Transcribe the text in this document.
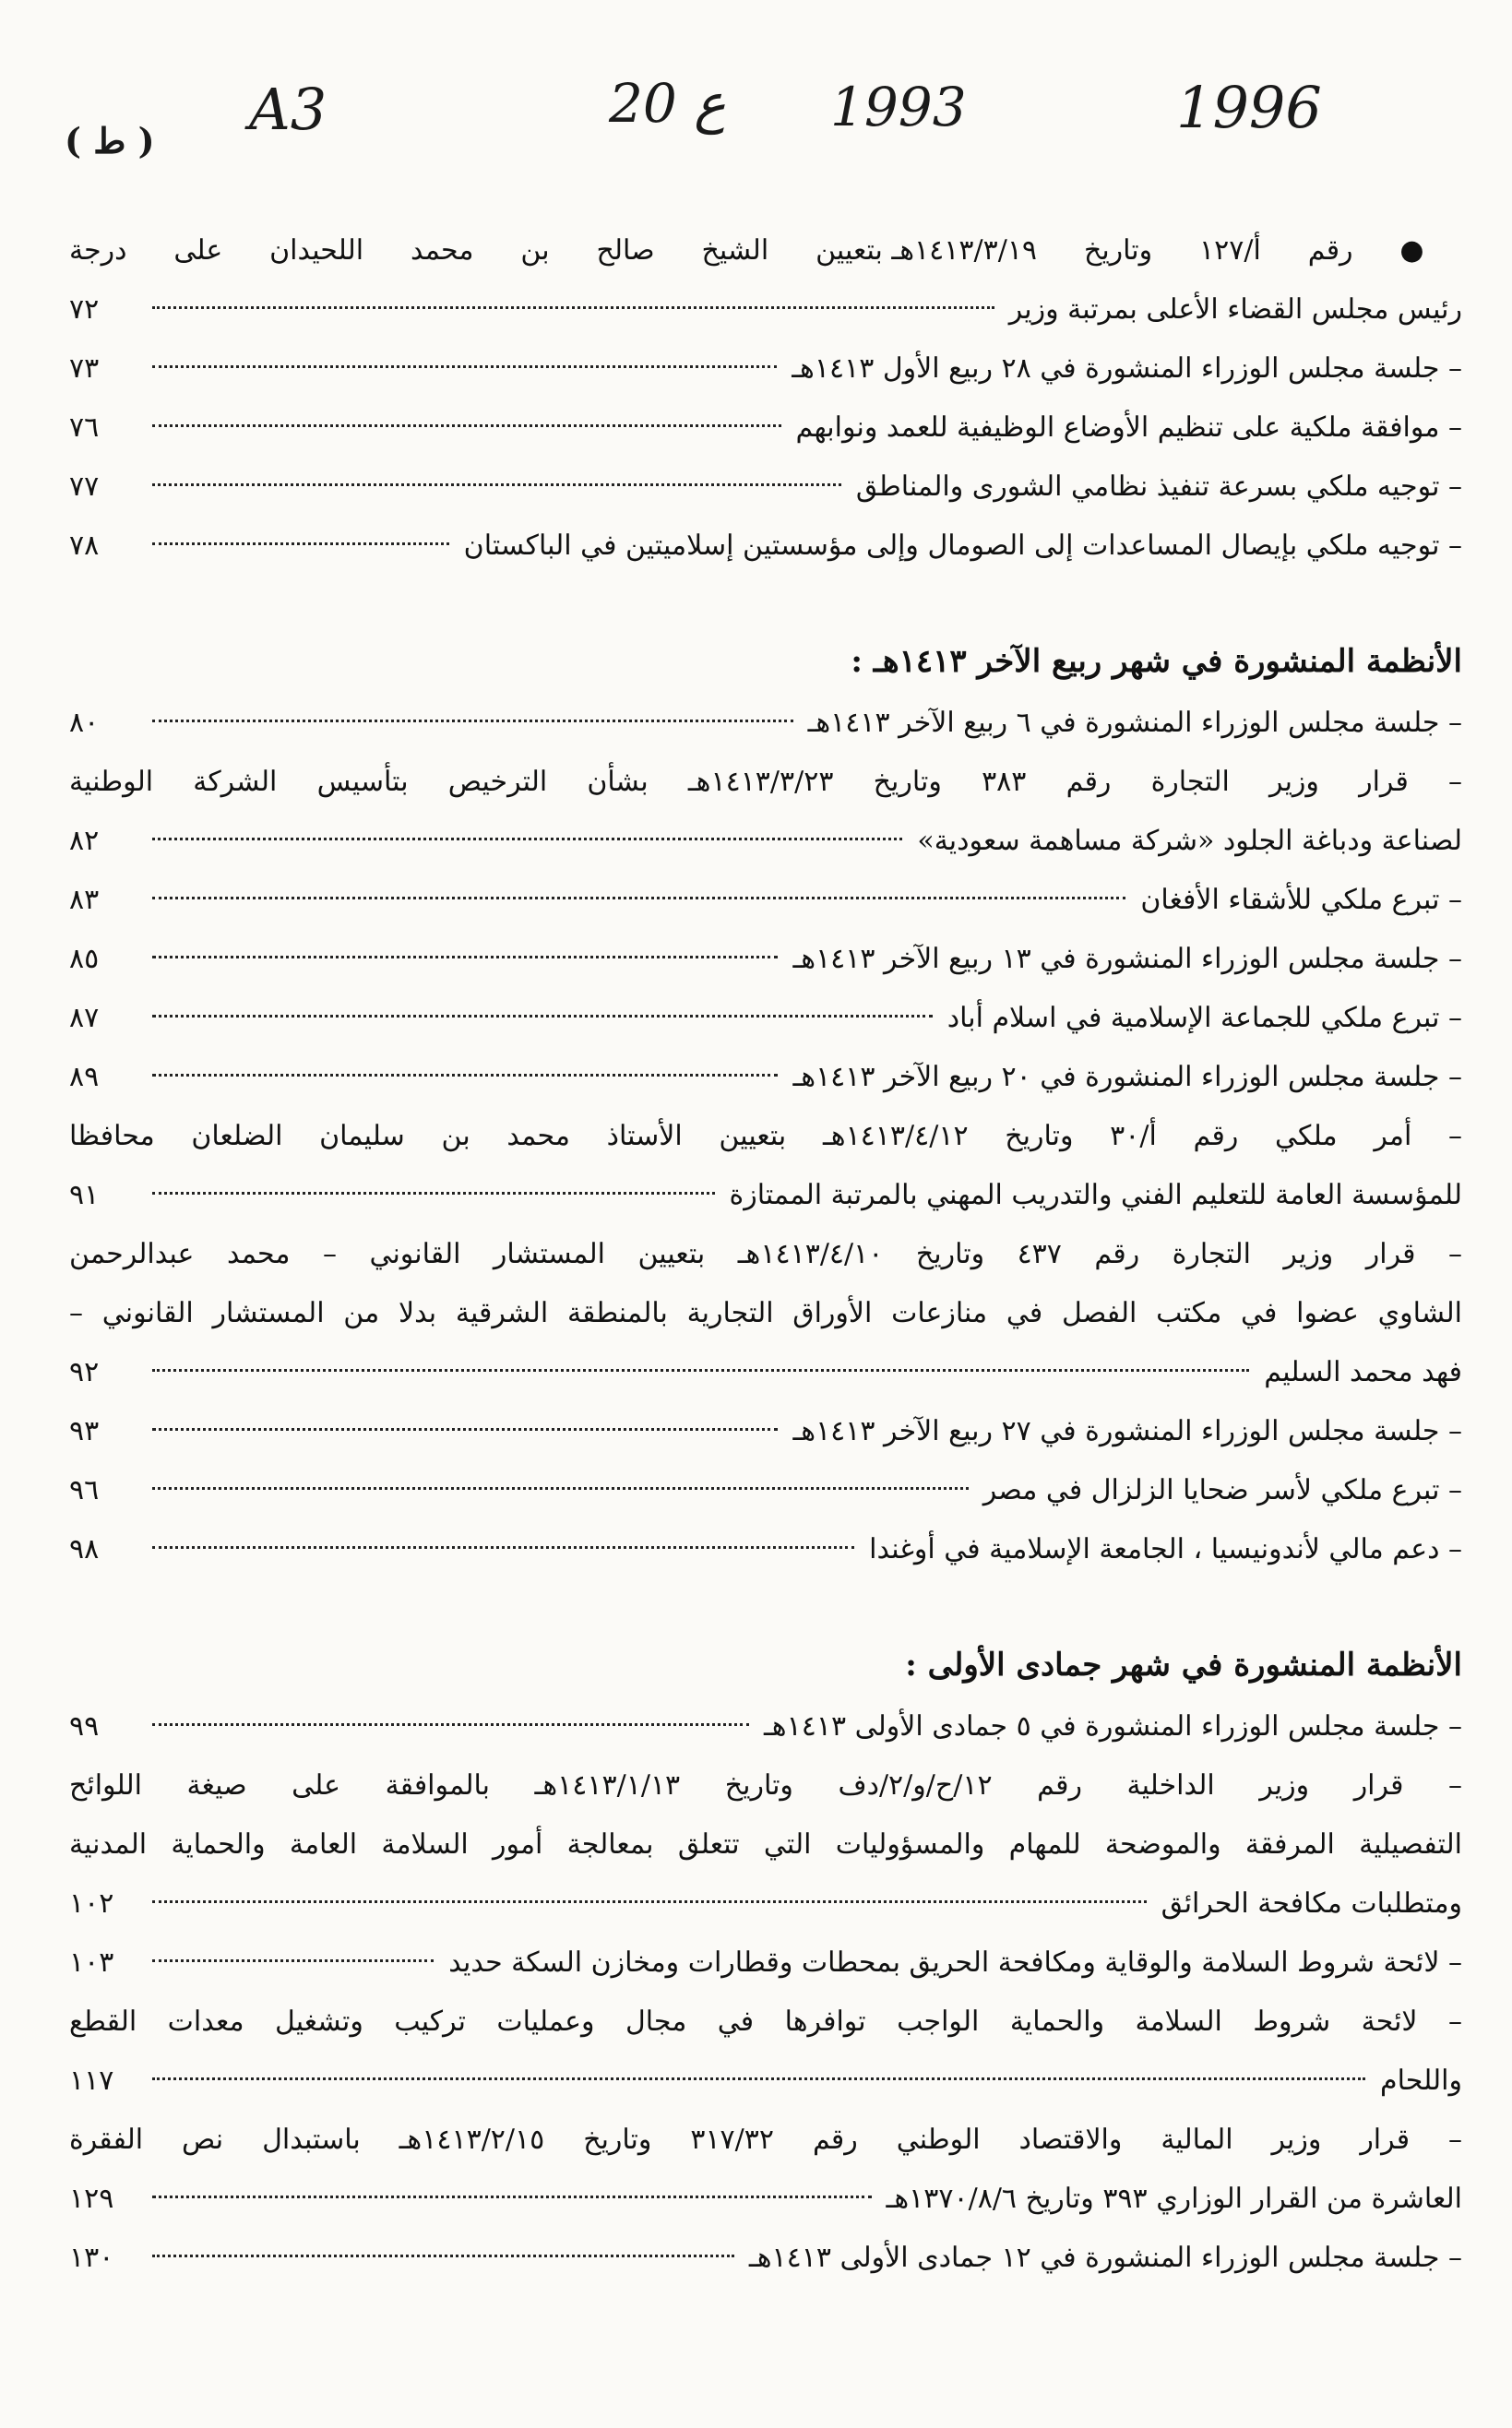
( ط ) A3	20 ع 1993	1996
● رقم أ/١٢٧ وتاريخ ١٤١٣/٣/١٩هـ بتعيين الشيخ صالح بن محمد اللحيدان على درجة
رئيس مجلس القضاء الأعلى بمرتبة وزير
٧٢
– جلسة مجلس الوزراء المنشورة في ٢٨ ربيع الأول ١٤١٣هـ
٧٣
– موافقة ملكية على تنظيم الأوضاع الوظيفية للعمد ونوابهم
٧٦
– توجيه ملكي بسرعة تنفيذ نظامي الشورى والمناطق
٧٧
– توجيه ملكي بإيصال المساعدات إلى الصومال وإلى مؤسستين إسلاميتين في الباكستان
٧٨
الأنظمة المنشورة في شهر ربيع الآخر ١٤١٣هـ :
– جلسة مجلس الوزراء المنشورة في ٦ ربيع الآخر ١٤١٣هـ
٨٠
– قرار وزير التجارة رقم ٣٨٣ وتاريخ ١٤١٣/٣/٢٣هـ بشأن الترخيص بتأسيس الشركة الوطنية
لصناعة ودباغة الجلود «شركة مساهمة سعودية»
٨٢
– تبرع ملكي للأشقاء الأفغان
٨٣
– جلسة مجلس الوزراء المنشورة في ١٣ ربيع الآخر ١٤١٣هـ
٨٥
– تبرع ملكي للجماعة الإسلامية في اسلام أباد
٨٧
– جلسة مجلس الوزراء المنشورة في ٢٠ ربيع الآخر ١٤١٣هـ
٨٩
– أمر ملكي رقم أ/٣٠ وتاريخ ١٤١٣/٤/١٢هـ بتعيين الأستاذ محمد بن سليمان الضلعان محافظا
للمؤسسة العامة للتعليم الفني والتدريب المهني بالمرتبة الممتازة
٩١
– قرار وزير التجارة رقم ٤٣٧ وتاريخ ١٤١٣/٤/١٠هـ بتعيين المستشار القانوني – محمد عبدالرحمن
الشاوي عضوا في مكتب الفصل في منازعات الأوراق التجارية بالمنطقة الشرقية بدلا من المستشار القانوني –
فهد محمد السليم
٩٢
– جلسة مجلس الوزراء المنشورة في ٢٧ ربيع الآخر ١٤١٣هـ
٩٣
– تبرع ملكي لأسر ضحايا الزلزال في مصر
٩٦
– دعم مالي لأندونيسيا ، الجامعة الإسلامية في أوغندا
٩٨
الأنظمة المنشورة في شهر جمادى الأولى :
– جلسة مجلس الوزراء المنشورة في ٥ جمادى الأولى ١٤١٣هـ
٩٩
– قرار وزير الداخلية رقم ١٢/ح/و/٢/دف وتاريخ ١٤١٣/١/١٣هـ بالموافقة على صيغة اللوائح
التفصيلية المرفقة والموضحة للمهام والمسؤوليات التي تتعلق بمعالجة أمور السلامة العامة والحماية المدنية
ومتطلبات مكافحة الحرائق
١٠٢
– لائحة شروط السلامة والوقاية ومكافحة الحريق بمحطات وقطارات ومخازن السكة حديد
١٠٣
– لائحة شروط السلامة والحماية الواجب توافرها في مجال وعمليات تركيب وتشغيل معدات القطع
واللحام
١١٧
– قرار وزير المالية والاقتصاد الوطني رقم ٣١٧/٣٢ وتاريخ ١٤١٣/٢/١٥هـ باستبدال نص الفقرة
العاشرة من القرار الوزاري ٣٩٣ وتاريخ ١٣٧٠/٨/٦هـ
١٢٩
– جلسة مجلس الوزراء المنشورة في ١٢ جمادى الأولى ١٤١٣هـ
١٣٠
